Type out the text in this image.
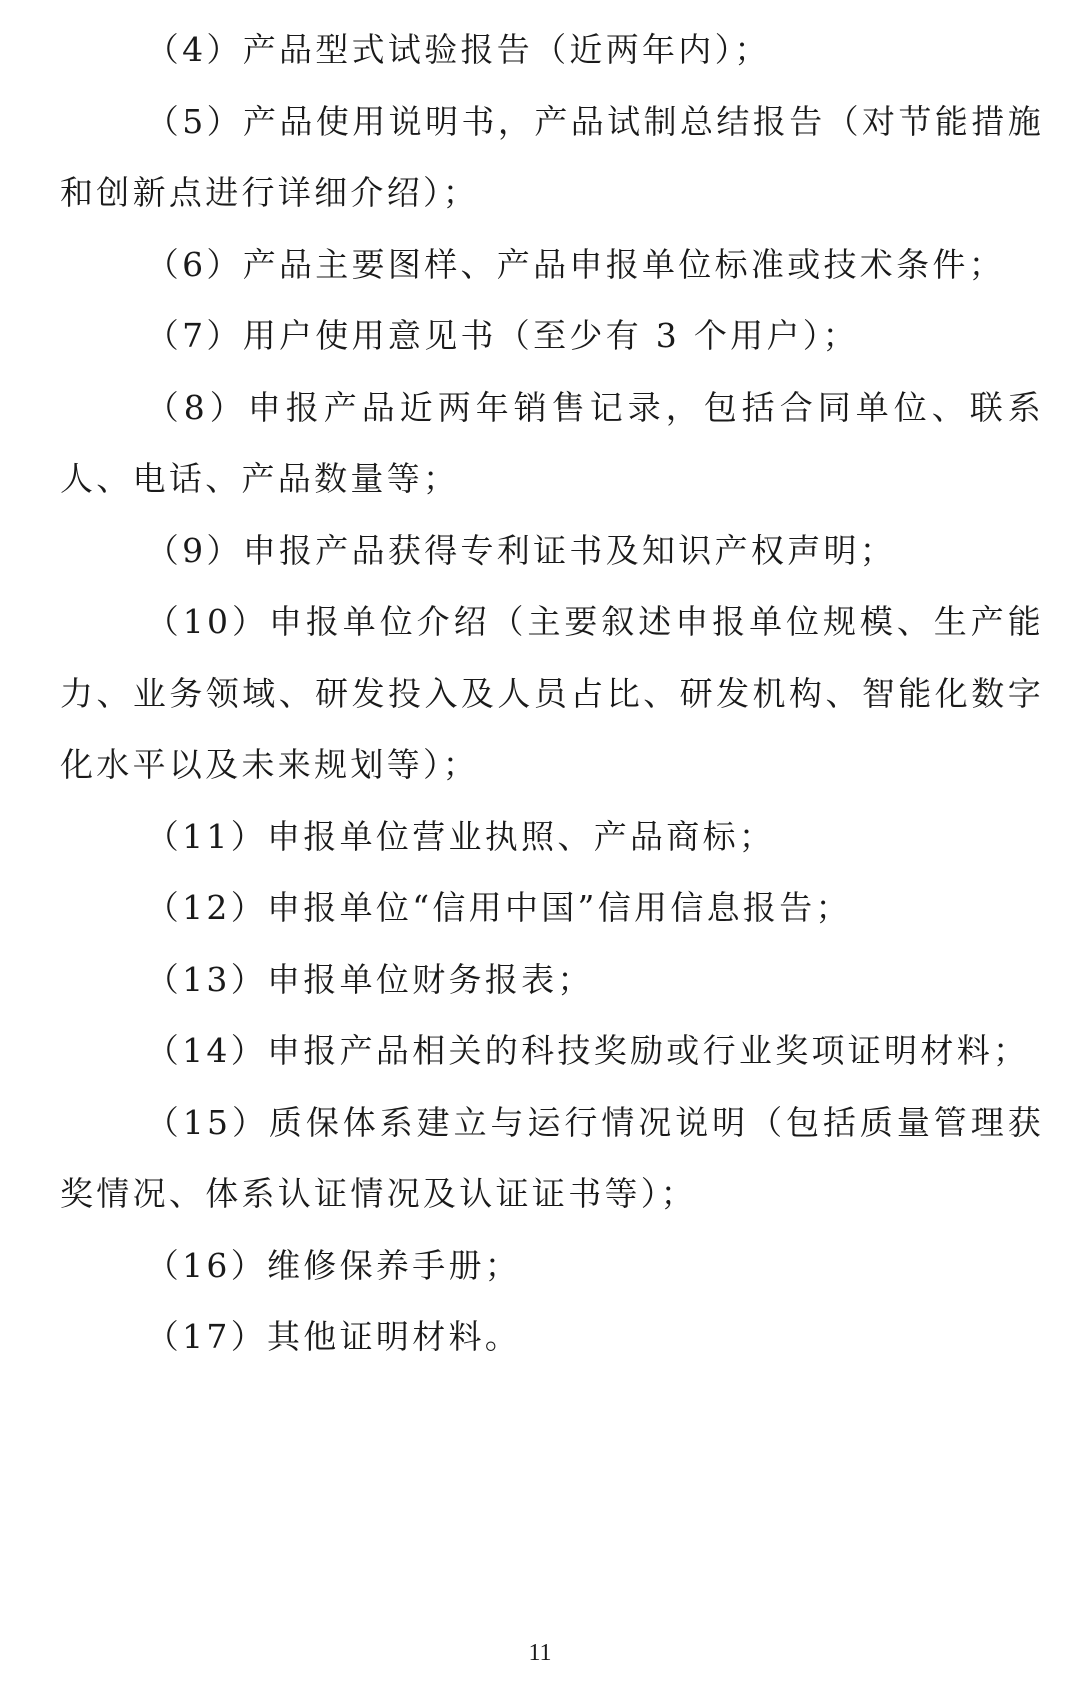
（4）产品型式试验报告（近两年内）；

（5）产品使用说明书，产品试制总结报告（对节能措施和创新点进行详细介绍）；

（6）产品主要图样、产品申报单位标准或技术条件；

（7）用户使用意见书（至少有 3 个用户）；

（8）申报产品近两年销售记录，包括合同单位、联系人、电话、产品数量等；

（9）申报产品获得专利证书及知识产权声明；

（10）申报单位介绍（主要叙述申报单位规模、生产能力、业务领域、研发投入及人员占比、研发机构、智能化数字化水平以及未来规划等）；

（11）申报单位营业执照、产品商标；

（12）申报单位“信用中国”信用信息报告；

（13）申报单位财务报表；

（14）申报产品相关的科技奖励或行业奖项证明材料；

（15）质保体系建立与运行情况说明（包括质量管理获奖情况、体系认证情况及认证证书等）；

（16）维修保养手册；

（17）其他证明材料。

11
